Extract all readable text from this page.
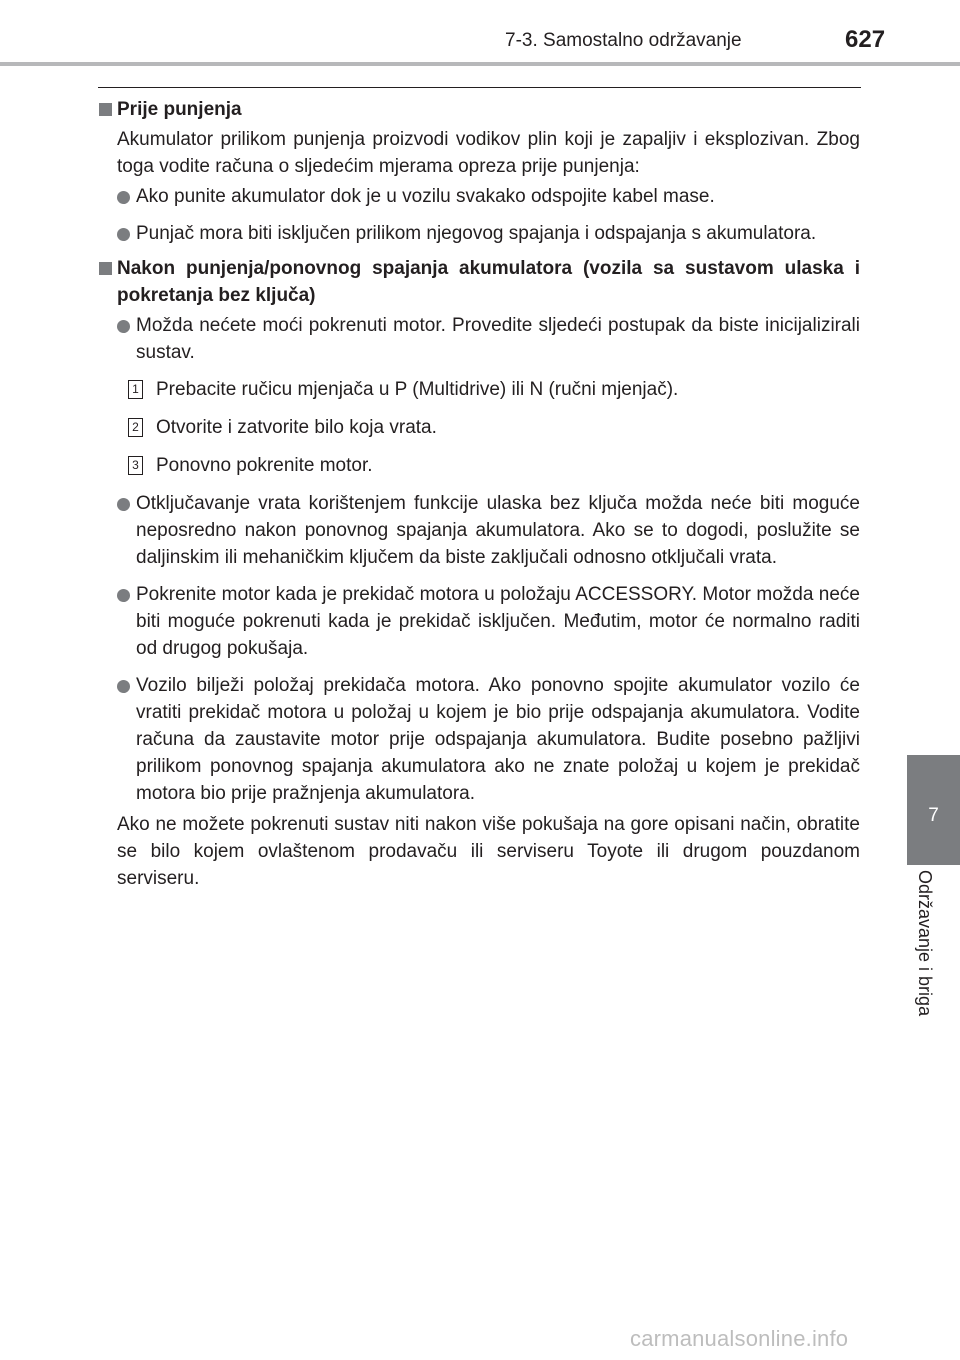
7-3. Samostalno održavanje	627
Prije punjenja
Akumulator prilikom punjenja proizvodi vodikov plin koji je zapaljiv i eksplozivan. Zbog toga vodite računa o sljedećim mjerama opreza prije punjenja:
Ako punite akumulator dok je u vozilu svakako odspojite kabel mase.
Punjač mora biti isključen prilikom njegovog spajanja i odspajanja s akumulatora.
Nakon punjenja/ponovnog spajanja akumulatora (vozila sa sustavom ulaska i pokretanja bez ključa)
Možda nećete moći pokrenuti motor. Provedite sljedeći postupak da biste inicijalizirali sustav.
1 Prebacite ručicu mjenjača u P (Multidrive) ili N (ručni mjenjač).
2 Otvorite i zatvorite bilo koja vrata.
3 Ponovno pokrenite motor.
Otključavanje vrata korištenjem funkcije ulaska bez ključa možda neće biti moguće neposredno nakon ponovnog spajanja akumulatora. Ako se to dogodi, poslužite se daljinskim ili mehaničkim ključem da biste zaključali odnosno otključali vrata.
Pokrenite motor kada je prekidač motora u položaju ACCESSORY. Motor možda neće biti moguće pokrenuti kada je prekidač isključen. Međutim, motor će normalno raditi od drugog pokušaja.
Vozilo bilježi položaj prekidača motora. Ako ponovno spojite akumulator vozilo će vratiti prekidač motora u položaj u kojem je bio prije odspajanja akumulatora. Vodite računa da zaustavite motor prije odspajanja akumulatora. Budite posebno pažljivi prilikom ponovnog spajanja akumulatora ako ne znate položaj u kojem je prekidač motora bio prije pražnjenja akumulatora.
Ako ne možete pokrenuti sustav niti nakon više pokušaja na gore opisani način, obratite se bilo kojem ovlaštenom prodavaču ili serviseru Toyote ili drugom pouzdanom serviseru.
7
Održavanje i briga
carmanualsonline.info
